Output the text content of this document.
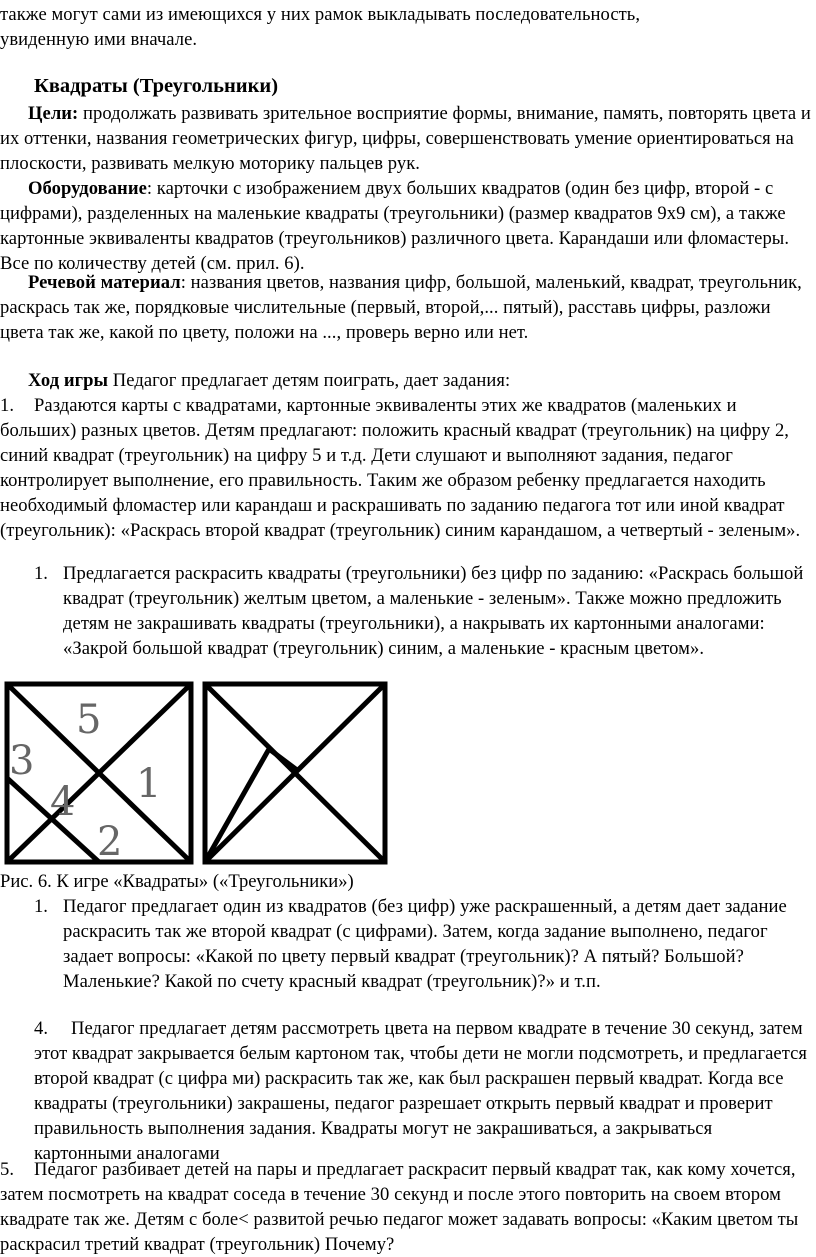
также могут сами из имеющихся у них рамок выкладывать последовательность,
увиденную ими вначале.

Квадраты (Треугольники)

Цели: продолжать развивать зрительное восприятие формы, внимание, память, повторять цвета и их оттенки, названия геометрических фигур, цифры, совершенствовать умение ориентироваться на плоскости, развивать мелкую моторику пальцев рук.

Оборудование: карточки с изображением двух больших квадратов (один без цифр, второй - с цифрами), разделенных на маленькие квадраты (треугольники) (размер квадратов 9x9 см), а также картонные эквиваленты квадратов (треугольников) различного цвета. Карандаши или фломастеры. Все по количеству детей (см. прил. 6).

Речевой материал: названия цветов, названия цифр, большой, маленький, квадрат, треугольник, раскрась так же, порядковые числительные (первый, второй,... пятый), расставь цифры, разложи цвета так же, какой по цвету, положи на ..., проверь верно или нет.

Ход игры Педагог предлагает детям поиграть, дает задания:

1. Раздаются карты с квадратами, картонные эквиваленты этих же квадратов (маленьких и больших) разных цветов. Детям предлагают: положить красный квадрат (треугольник) на цифру 2, синий квадрат (треугольник) на цифру 5 и т.д. Дети слушают и выполняют задания, педагог контролирует выполнение, его правильность. Таким же образом ребенку предлагается находить необходимый фломастер или карандаш и раскрашивать по заданию педагога тот или иной квадрат (треугольник): «Раскрась второй квадрат (треугольник) синим карандашом, а четвертый - зеленым».

1. Предлагается раскрасить квадраты (треугольники) без цифр по заданию: «Раскрась большой квадрат (треугольник) желтым цветом, а маленькие - зеленым». Также можно предложить детям не закрашивать квадраты (треугольники), а накрывать их картонными аналогами: «Закрой большой квадрат (треугольник) синим, а маленькие - красным цветом».

5
3	1
4
2
Рис. 6. К игре «Квадраты» («Треугольники»)
1. Педагог предлагает один из квадратов (без цифр) уже раскрашенный, а детям дает задание раскрасить так же второй квадрат (с цифрами). Затем, когда задание выполнено, педагог задает вопросы: «Какой по цвету первый квадрат (треугольник)? А пятый? Большой? Маленькие? Какой по счету красный квадрат (треугольник)?» и т.п.

4. Педагог предлагает детям рассмотреть цвета на первом квадрате в течение 30 секунд, затем этот квадрат закрывается белым картоном так, чтобы дети не могли подсмотреть, и предлагается второй квадрат (с цифра ми) раскрасить так же, как был раскрашен первый квадрат. Когда все квадраты (треугольники) закрашены, педагог разрешает открыть первый квадрат и проверит правильность выполнения задания. Квадраты могут не закрашиваться, а закрываться картонными аналогами

5. Педагог разбивает детей на пары и предлагает раскрасит первый квадрат так, как кому хочется, затем посмотреть на квадрат соседа в течение 30 секунд и после этого повторить на своем втором квадрате так же. Детям с боле< развитой речью педагог может задавать вопросы: «Каким цветом ты раскрасил третий квадрат (треугольник) Почему?
